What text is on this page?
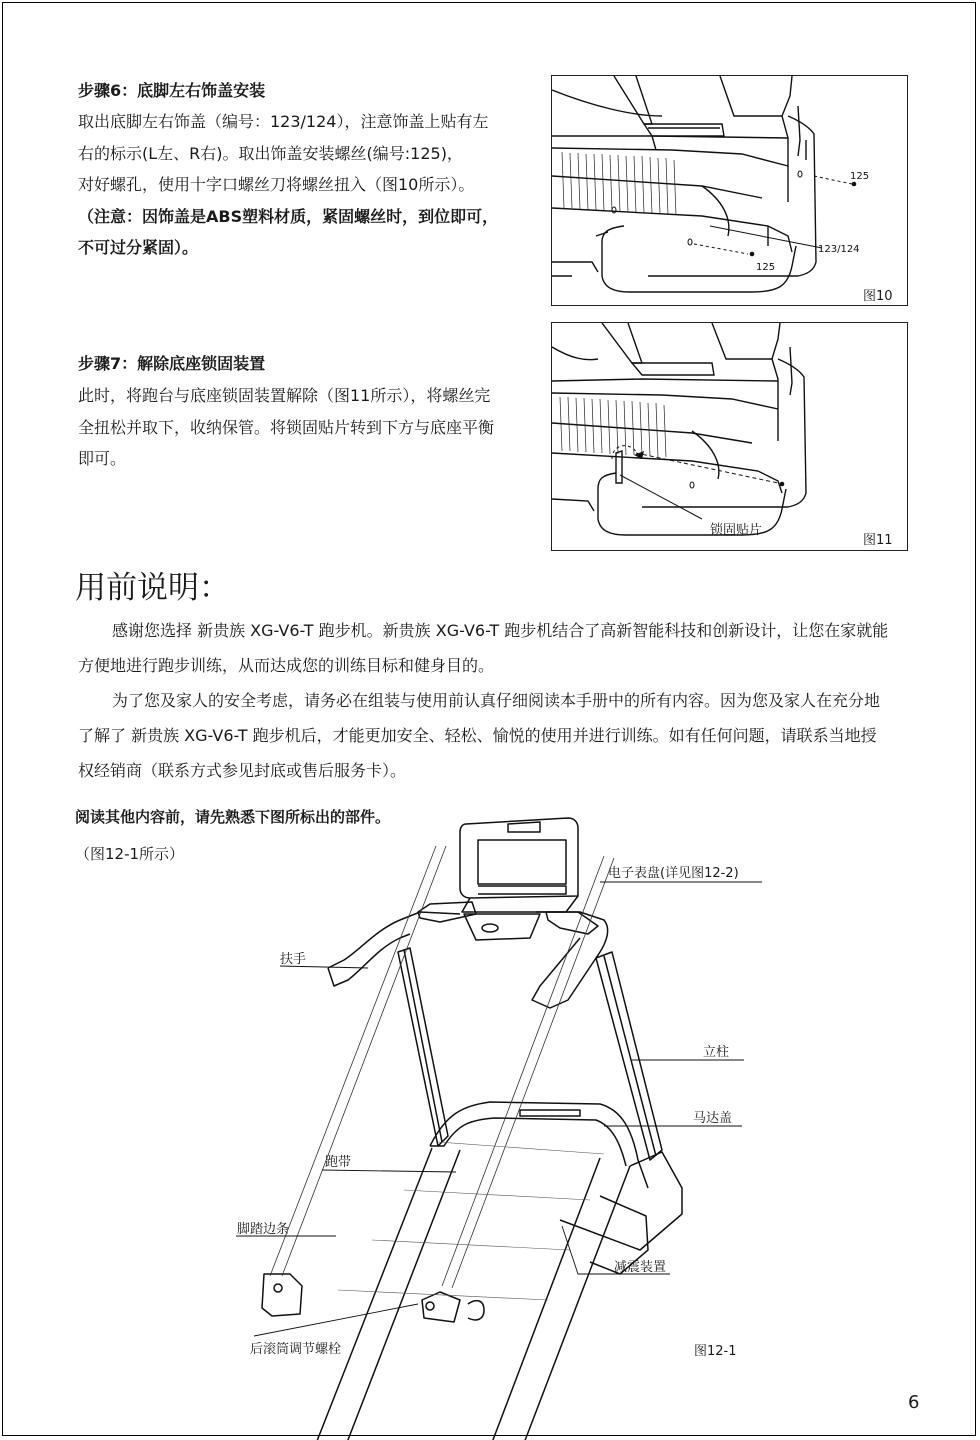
步骤6：底脚左右饰盖安装

取出底脚左右饰盖（编号：123/124），注意饰盖上贴有左

右的标示(L左、R右)。取出饰盖安装螺丝(编号:125)，

对好螺孔，使用十字口螺丝刀将螺丝扭入（图10所示）。

（注意：因饰盖是ABS塑料材质，紧固螺丝时，到位即可，

不可过分紧固）。

125
123/124
125
图10
步骤7：解除底座锁固装置

此时，将跑台与底座锁固装置解除（图11所示），将螺丝完

全扭松并取下，收纳保管。将锁固贴片转到下方与底座平衡

即可。

锁固贴片
图11
用前说明：

感谢您选择 新贵族 XG-V6-T 跑步机。新贵族 XG-V6-T 跑步机结合了高新智能科技和创新设计，让您在家就能

方便地进行跑步训练，从而达成您的训练目标和健身目的。

为了您及家人的安全考虑，请务必在组装与使用前认真仔细阅读本手册中的所有内容。因为您及家人在充分地

了解了 新贵族 XG-V6-T 跑步机后，才能更加安全、轻松、愉悦的使用并进行训练。如有任何问题，请联系当地授

权经销商（联系方式参见封底或售后服务卡）。

阅读其他内容前，请先熟悉下图所标出的部件。
（图12-1所示）
电子表盘(详见图12-2)
扶手
立柱
马达盖
跑带
脚踏边条
减震装置
后滚筒调节螺栓	图12-1
6
